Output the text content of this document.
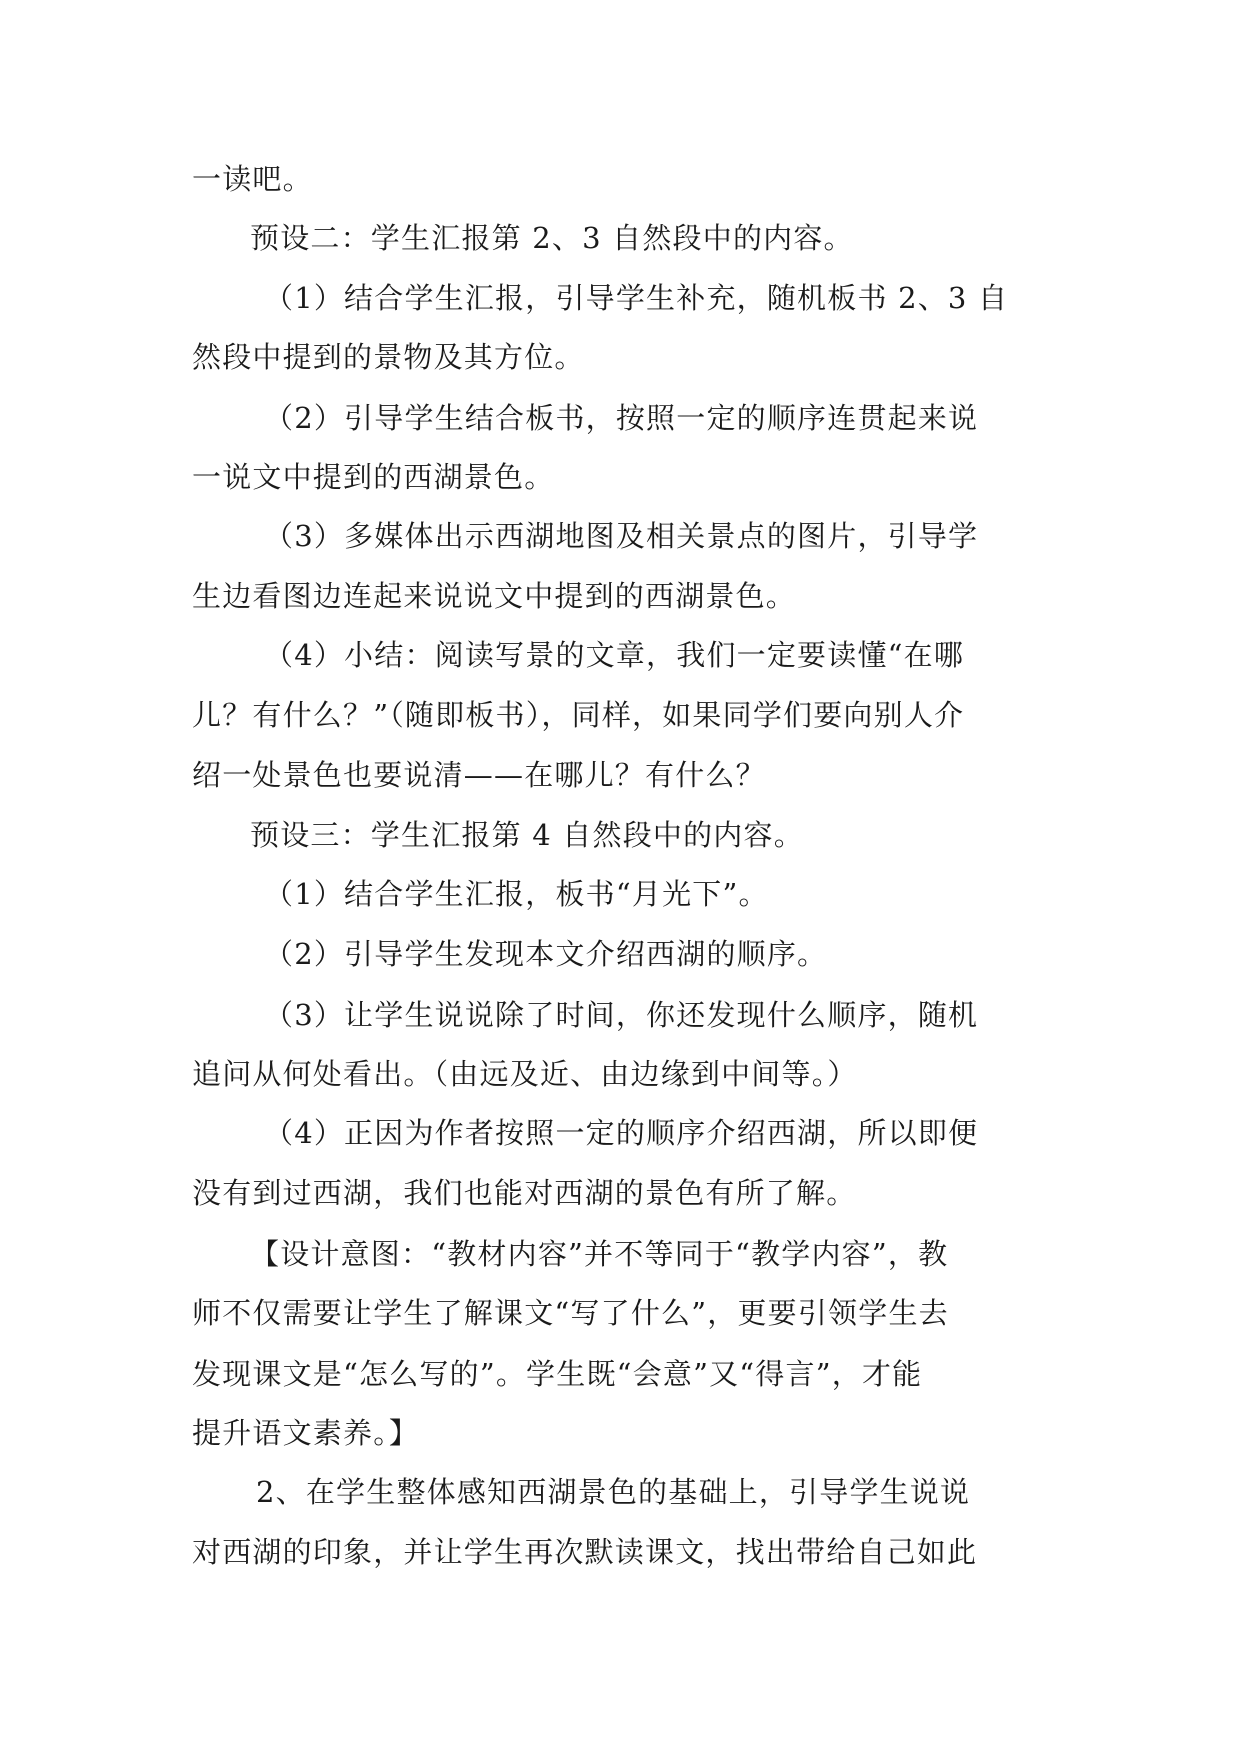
一读吧。
预设二：学生汇报第 2、3 自然段中的内容。
（1）结合学生汇报，引导学生补充，随机板书 2、3 自
然段中提到的景物及其方位。
（2）引导学生结合板书，按照一定的顺序连贯起来说
一说文中提到的西湖景色。
（3）多媒体出示西湖地图及相关景点的图片，引导学
生边看图边连起来说说文中提到的西湖景色。
（4）小结：阅读写景的文章，我们一定要读懂“在哪
儿？有什么？”（随即板书），同样，如果同学们要向别人介
绍一处景色也要说清——在哪儿？有什么？
预设三：学生汇报第 4 自然段中的内容。
（1）结合学生汇报，板书“月光下”。
（2）引导学生发现本文介绍西湖的顺序。
（3）让学生说说除了时间，你还发现什么顺序，随机
追问从何处看出。（由远及近、由边缘到中间等。）
（4）正因为作者按照一定的顺序介绍西湖，所以即便
没有到过西湖，我们也能对西湖的景色有所了解。
【设计意图：“教材内容”并不等同于“教学内容”，教
师不仅需要让学生了解课文“写了什么”，更要引领学生去
发现课文是“怎么写的”。学生既“会意”又“得言”，才能
提升语文素养。】
2、在学生整体感知西湖景色的基础上，引导学生说说
对西湖的印象，并让学生再次默读课文，找出带给自己如此
